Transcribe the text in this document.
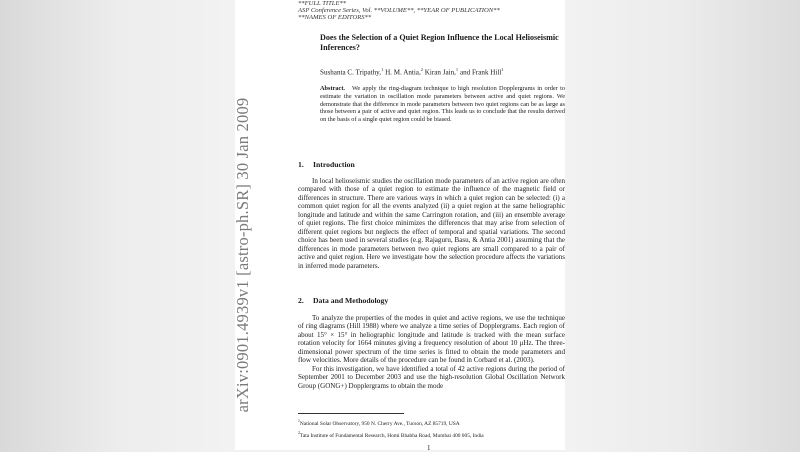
arXiv:0901.4939v1 [astro-ph.SR] 30 Jan 2009
**FULL TITLE**
ASP Conference Series, Vol. **VOLUME**, **YEAR OF PUBLICATION**
**NAMES OF EDITORS**
Does the Selection of a Quiet Region Influence the Local Helioseismic Inferences?
Sushanta C. Tripathy,$^1$ H. M. Antia,$^2$ Kiran Jain,$^1$ and Frank Hill$^1$
Abstract. We apply the ring-diagram technique to high resolution Dopplergrams in order to estimate the variation in oscillation mode parameters between active and quiet regions. We demonstrate that the difference in mode parameters between two quiet regions can be as large as those between a pair of active and quiet region. This leads us to conclude that the results derived on the basis of a single quiet region could be biased.
1. Introduction

In local helioseismic studies the oscillation mode parameters of an active region are often compared with those of a quiet region to estimate the influence of the magnetic field or differences in structure. There are various ways in which a quiet region can be selected: (i) a common quiet region for all the events analyzed (ii) a quiet region at the same heliographic longitude and latitude and within the same Carrington rotation, and (iii) an ensemble average of quiet regions. The first choice minimizes the differences that may arise from selection of different quiet regions but neglects the effect of temporal and spatial variations. The second choice has been used in several studies (e.g. Rajaguru, Basu, & Antia 2001) assuming that the differences in mode parameters between two quiet regions are small compared to a pair of active and quiet region. Here we investigate how the selection procedure affects the variations in inferred mode parameters.

2. Data and Methodology

To analyze the properties of the modes in quiet and active regions, we use the technique of ring diagrams (Hill 1988) where we analyze a time series of Dopplergrams. Each region of about 15° × 15° in heliographic longitude and latitude is tracked with the mean surface rotation velocity for 1664 minutes giving a frequency resolution of about 10 μHz. The three-dimensional power spectrum of the time series is fitted to obtain the mode parameters and flow velocities. More details of the procedure can be found in Corbard et al. (2003).

For this investigation, we have identified a total of 42 active regions during the period of September 2001 to December 2003 and use the high-resolution Global Oscillation Network Group (GONG+) Dopplergrams to obtain the mode

$^1$National Solar Observatory, 950 N. Cherry Ave., Tucson, AZ 85719, USA
$^2$Tata Institute of Fundamental Research, Homi Bhabha Road, Mumbai 400 005, India
1
